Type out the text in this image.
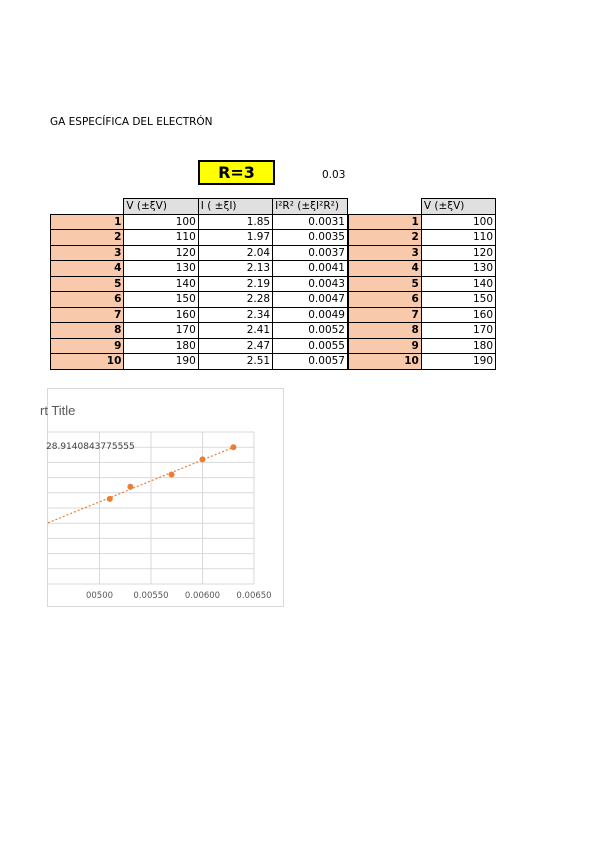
GA ESPECÍFICA DEL ELECTRÓN
R=3	0.03
	V (±ξV)	I ( ±ξI)	I²R² (±ξI²R²)
1	100	1.85	0.0031
2	110	1.97	0.0035
3	120	2.04	0.0037
4	130	2.13	0.0041
5	140	2.19	0.0043
6	150	2.28	0.0047
7	160	2.34	0.0049
8	170	2.41	0.0052
9	180	2.47	0.0055
10	190	2.51	0.0057
	V (±ξV)
1	100
2	110
3	120
4	130
5	140
6	150
7	160
8	170
9	180
10	190
rt Title
00500 0.00550 0.00600 0.00650
28.9140843775555
